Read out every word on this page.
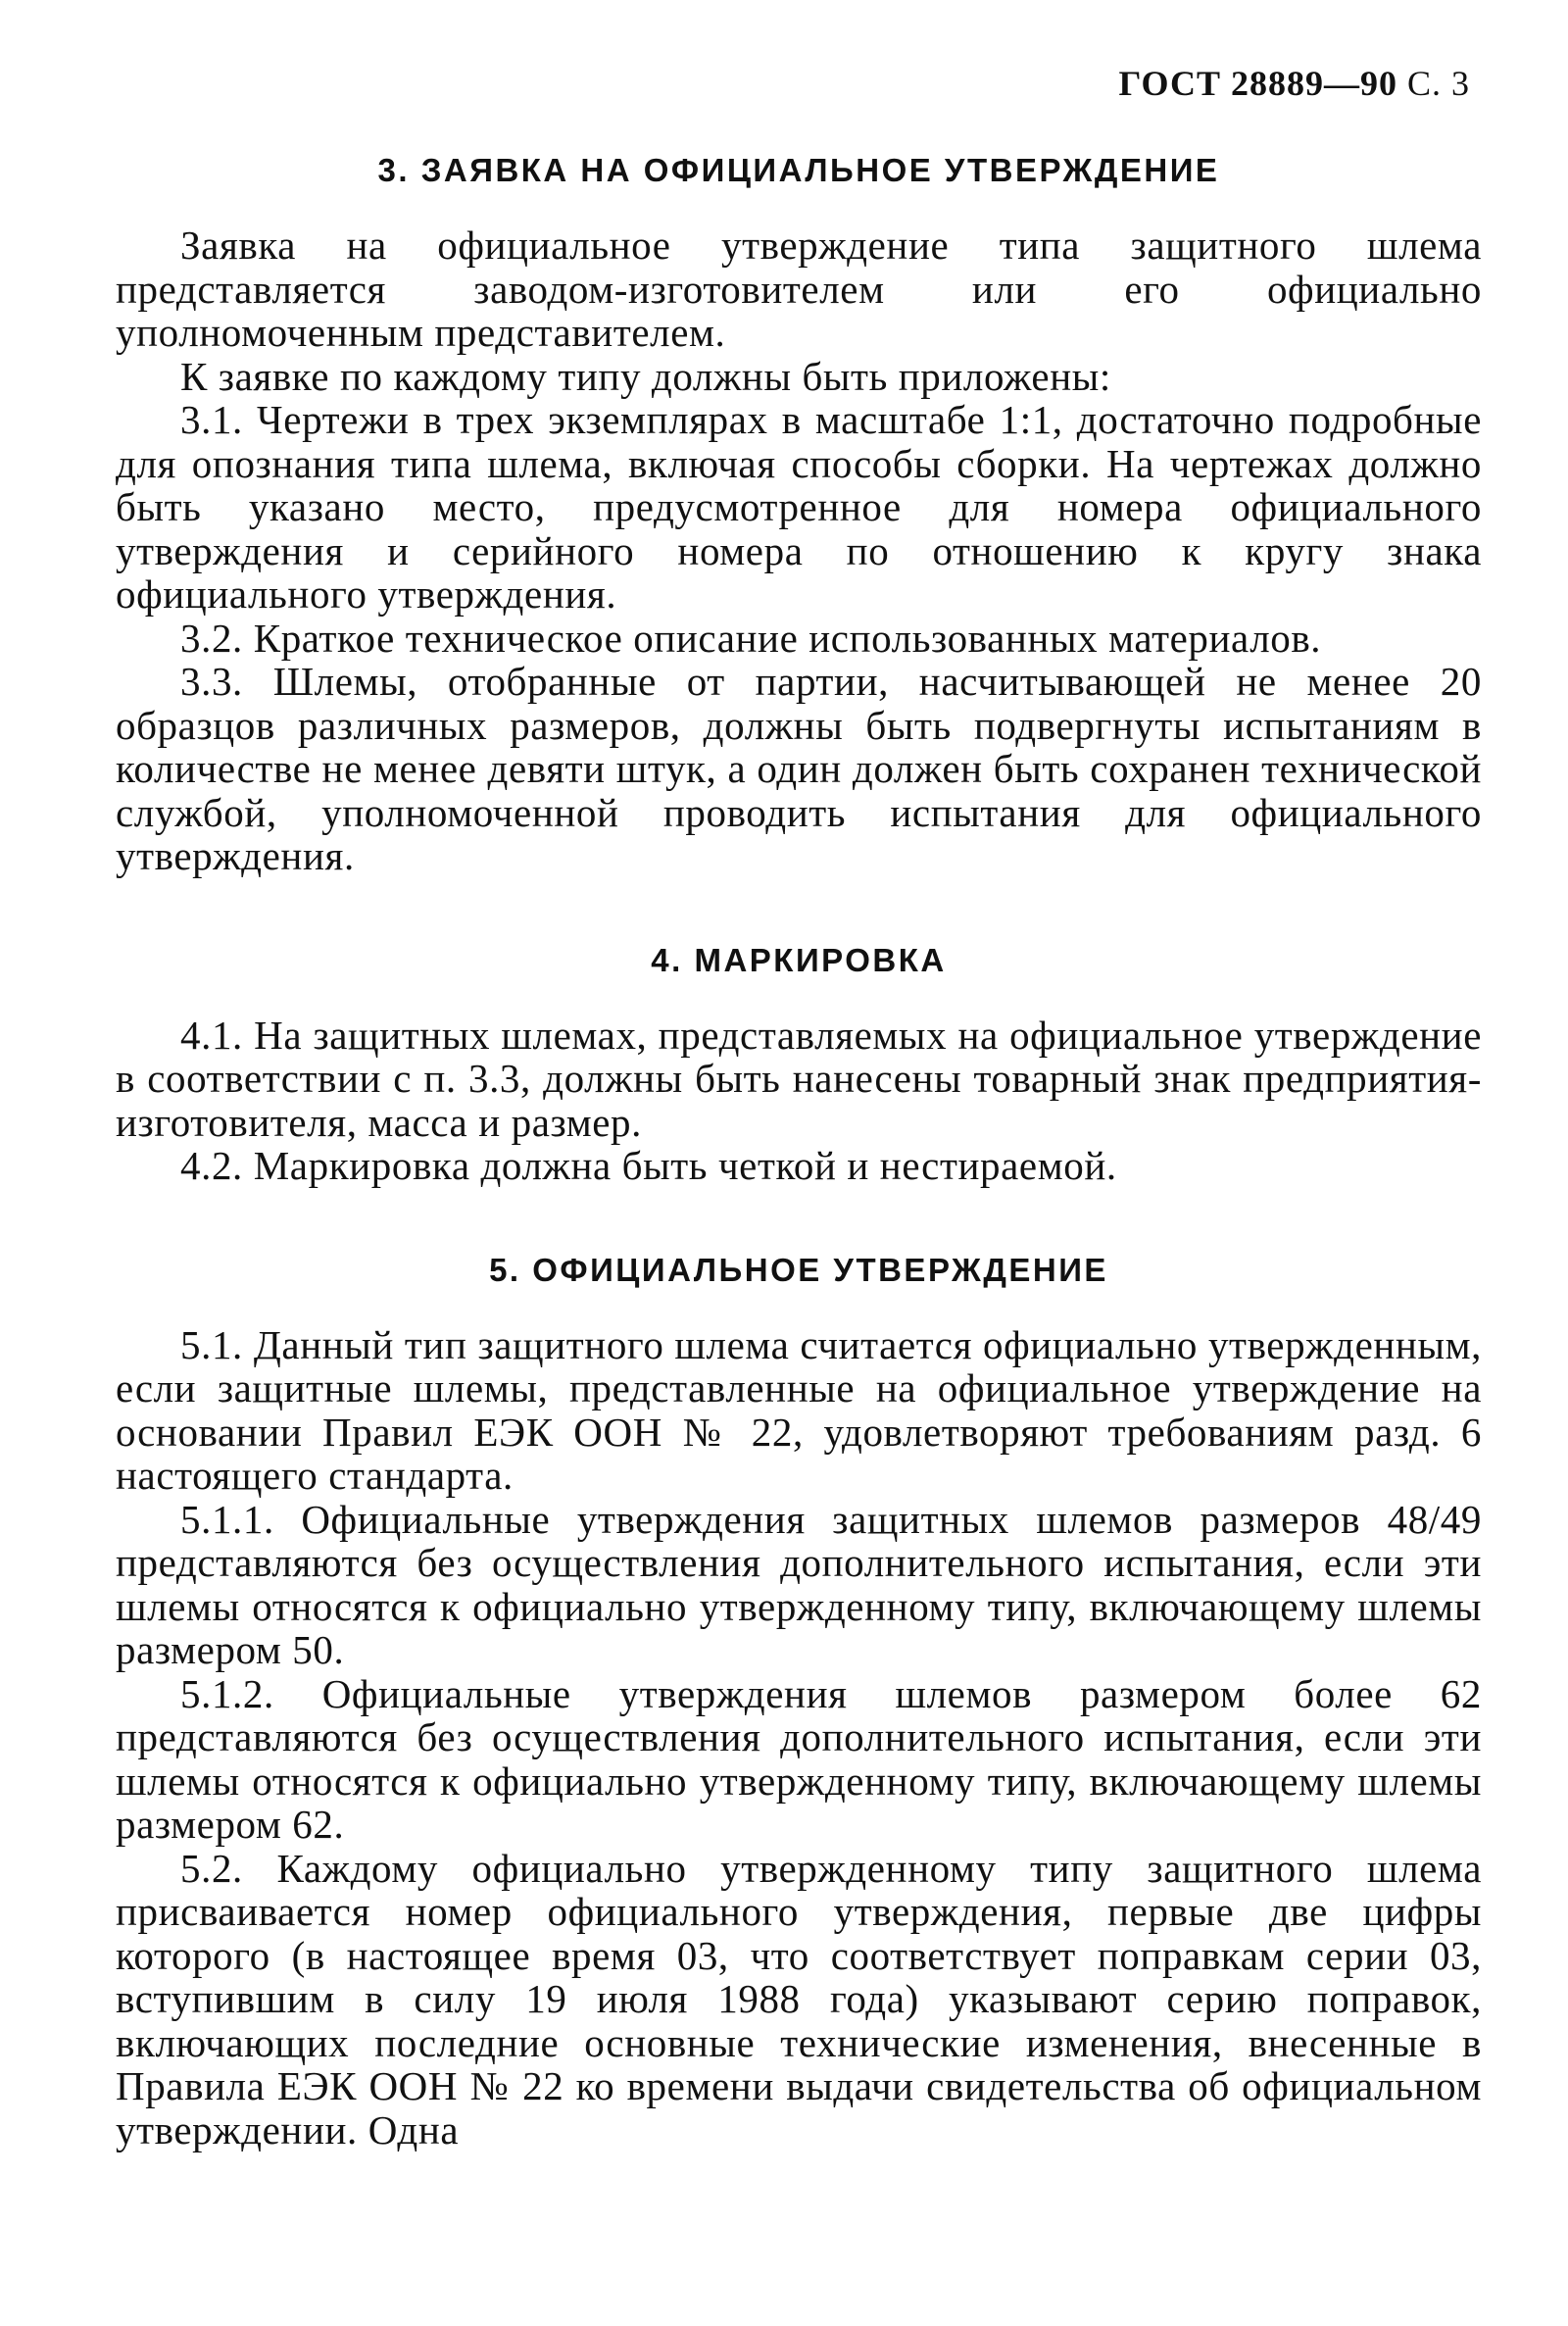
ГОСТ 28889—90 С. 3
3. ЗАЯВКА НА ОФИЦИАЛЬНОЕ УТВЕРЖДЕНИЕ

Заявка на официальное утверждение типа защитного шлема представляется заводом-изготовителем или его официально уполномоченным представителем.

К заявке по каждому типу должны быть приложены:

3.1. Чертежи в трех экземплярах в масштабе 1:1, достаточно подробные для опознания типа шлема, включая способы сборки. На чертежах должно быть указано место, предусмотренное для номера официального утверждения и серийного номера по отношению к кругу знака официального утверждения.

3.2. Краткое техническое описание использованных материалов.

3.3. Шлемы, отобранные от партии, насчитывающей не менее 20 образцов различных размеров, должны быть подвергнуты испытаниям в количестве не менее девяти штук, а один должен быть сохранен технической службой, уполномоченной проводить испытания для официального утверждения.

4. МАРКИРОВКА

4.1. На защитных шлемах, представляемых на официальное утверждение в соответствии с п. 3.3, должны быть нанесены товарный знак предприятия-изготовителя, масса и размер.

4.2. Маркировка должна быть четкой и нестираемой.

5. ОФИЦИАЛЬНОЕ УТВЕРЖДЕНИЕ

5.1. Данный тип защитного шлема считается официально утвержденным, если защитные шлемы, представленные на официальное утверждение на основании Правил ЕЭК ООН № 22, удовлетворяют требованиям разд. 6 настоящего стандарта.

5.1.1. Официальные утверждения защитных шлемов размеров 48/49 представляются без осуществления дополнительного испытания, если эти шлемы относятся к официально утвержденному типу, включающему шлемы размером 50.

5.1.2. Официальные утверждения шлемов размером более 62 представляются без осуществления дополнительного испытания, если эти шлемы относятся к официально утвержденному типу, включающему шлемы размером 62.

5.2. Каждому официально утвержденному типу защитного шлема присваивается номер официального утверждения, первые две цифры которого (в настоящее время 03, что соответствует поправкам серии 03, вступившим в силу 19 июля 1988 года) указывают серию поправок, включающих последние основные технические изменения, внесенные в Правила ЕЭК ООН № 22 ко времени выдачи свидетельства об официальном утверждении. Одна
